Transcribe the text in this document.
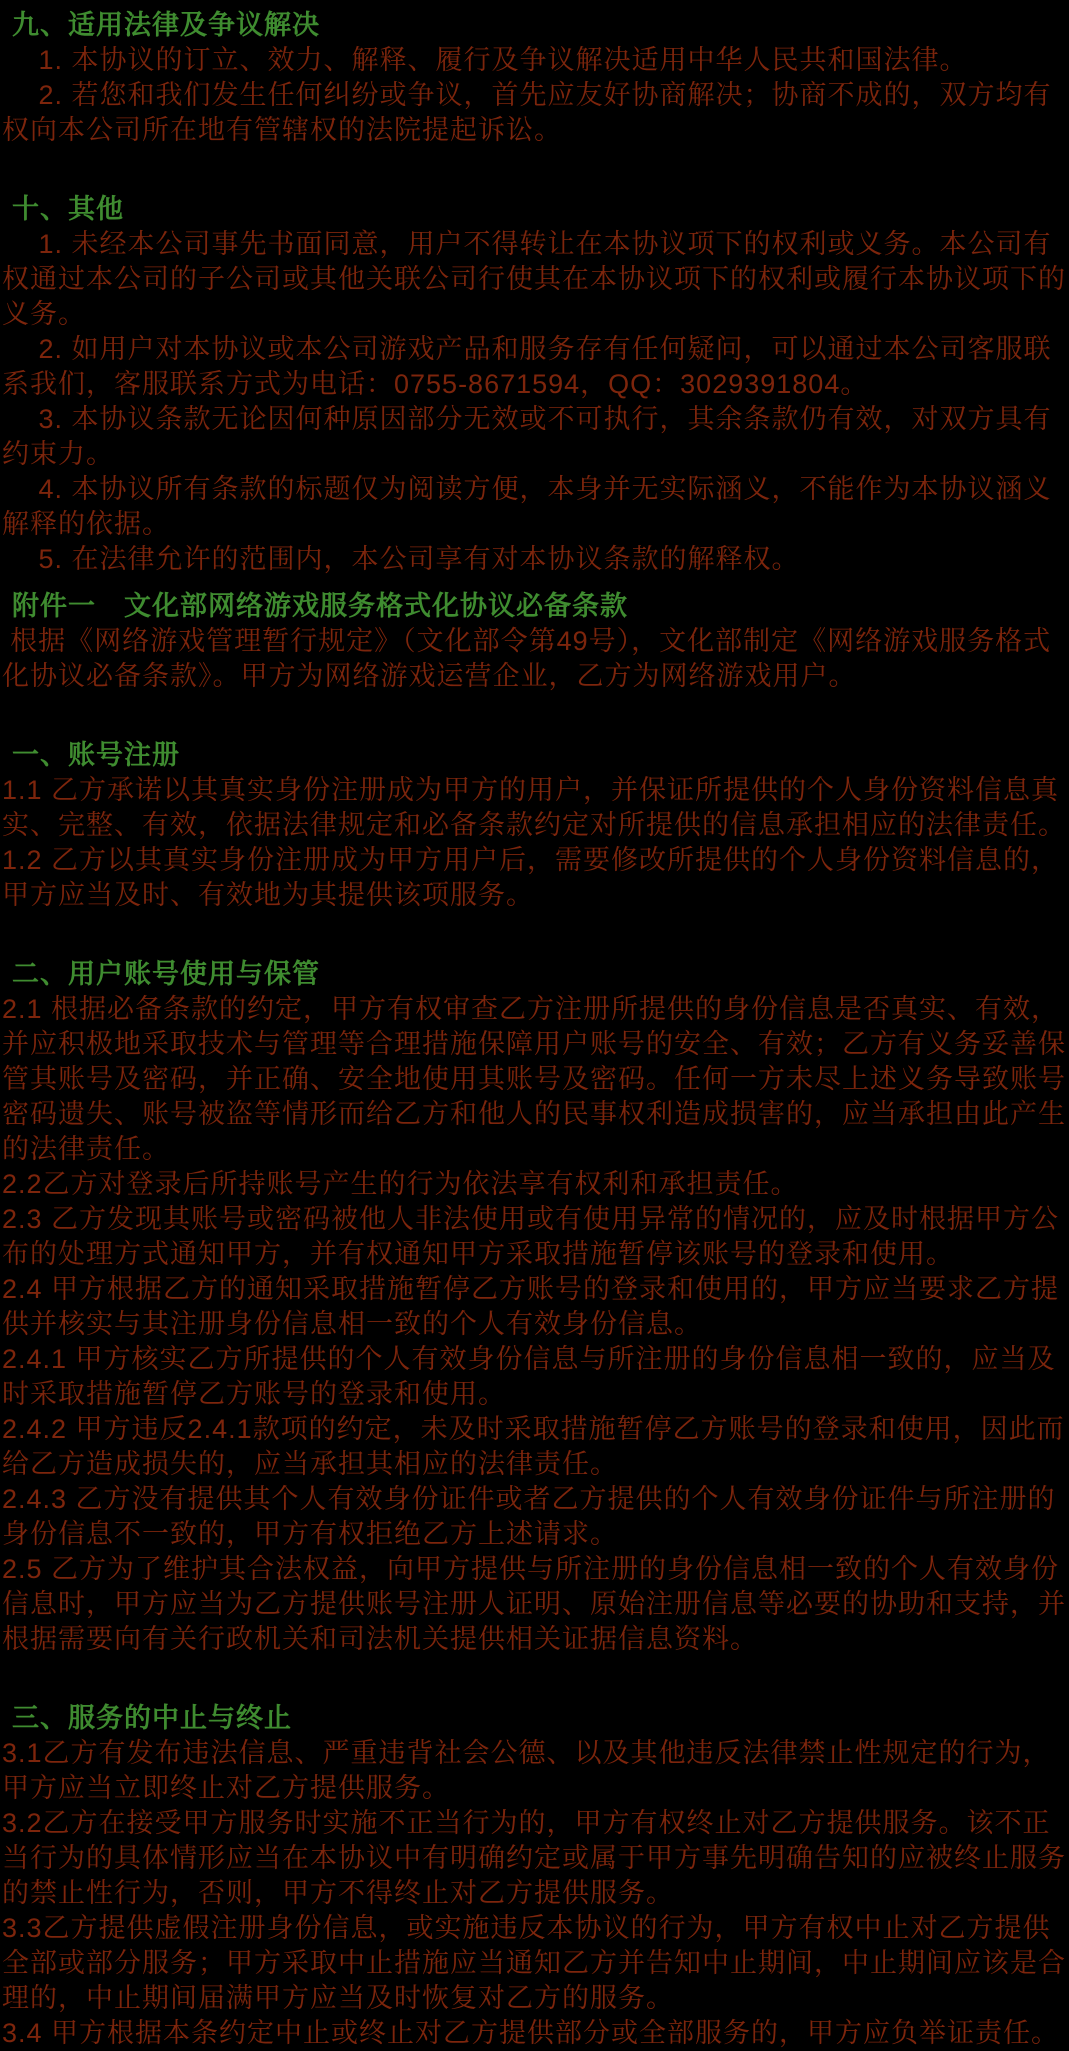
九、适用法律及争议解决

1. 本协议的订立、效力、解释、履行及争议解决适用中华人民共和国法律。

2. 若您和我们发生任何纠纷或争议，首先应友好协商解决；协商不成的，双方均有权向本公司所在地有管辖权的法院提起诉讼。

十、其他

1. 未经本公司事先书面同意，用户不得转让在本协议项下的权利或义务。本公司有权通过本公司的子公司或其他关联公司行使其在本协议项下的权利或履行本协议项下的义务。

2. 如用户对本协议或本公司游戏产品和服务存有任何疑问，可以通过本公司客服联系我们，客服联系方式为电话：0755-8671594，QQ：3029391804。

3. 本协议条款无论因何种原因部分无效或不可执行，其余条款仍有效，对双方具有约束力。

4. 本协议所有条款的标题仅为阅读方便，本身并无实际涵义，不能作为本协议涵义解释的依据。

5. 在法律允许的范围内，本公司享有对本协议条款的解释权。

附件一　文化部网络游戏服务格式化协议必备条款

根据《网络游戏管理暂行规定》（文化部令第49号），文化部制定《网络游戏服务格式化协议必备条款》。甲方为网络游戏运营企业，乙方为网络游戏用户。

一、账号注册

1.1 乙方承诺以其真实身份注册成为甲方的用户，并保证所提供的个人身份资料信息真实、完整、有效，依据法律规定和必备条款约定对所提供的信息承担相应的法律责任。

1.2 乙方以其真实身份注册成为甲方用户后，需要修改所提供的个人身份资料信息的，甲方应当及时、有效地为其提供该项服务。

二、用户账号使用与保管

2.1 根据必备条款的约定，甲方有权审查乙方注册所提供的身份信息是否真实、有效，并应积极地采取技术与管理等合理措施保障用户账号的安全、有效；乙方有义务妥善保管其账号及密码，并正确、安全地使用其账号及密码。任何一方未尽上述义务导致账号密码遗失、账号被盗等情形而给乙方和他人的民事权利造成损害的，应当承担由此产生的法律责任。

2.2乙方对登录后所持账号产生的行为依法享有权利和承担责任。

2.3 乙方发现其账号或密码被他人非法使用或有使用异常的情况的，应及时根据甲方公布的处理方式通知甲方，并有权通知甲方采取措施暂停该账号的登录和使用。

2.4 甲方根据乙方的通知采取措施暂停乙方账号的登录和使用的，甲方应当要求乙方提供并核实与其注册身份信息相一致的个人有效身份信息。

2.4.1 甲方核实乙方所提供的个人有效身份信息与所注册的身份信息相一致的，应当及时采取措施暂停乙方账号的登录和使用。

2.4.2 甲方违反2.4.1款项的约定，未及时采取措施暂停乙方账号的登录和使用，因此而给乙方造成损失的，应当承担其相应的法律责任。

2.4.3 乙方没有提供其个人有效身份证件或者乙方提供的个人有效身份证件与所注册的身份信息不一致的，甲方有权拒绝乙方上述请求。

2.5 乙方为了维护其合法权益，向甲方提供与所注册的身份信息相一致的个人有效身份信息时，甲方应当为乙方提供账号注册人证明、原始注册信息等必要的协助和支持，并根据需要向有关行政机关和司法机关提供相关证据信息资料。

三、服务的中止与终止

3.1乙方有发布违法信息、严重违背社会公德、以及其他违反法律禁止性规定的行为，甲方应当立即终止对乙方提供服务。

3.2乙方在接受甲方服务时实施不正当行为的，甲方有权终止对乙方提供服务。该不正当行为的具体情形应当在本协议中有明确约定或属于甲方事先明确告知的应被终止服务的禁止性行为，否则，甲方不得终止对乙方提供服务。

3.3乙方提供虚假注册身份信息，或实施违反本协议的行为，甲方有权中止对乙方提供全部或部分服务；甲方采取中止措施应当通知乙方并告知中止期间，中止期间应该是合理的，中止期间届满甲方应当及时恢复对乙方的服务。

3.4 甲方根据本条约定中止或终止对乙方提供部分或全部服务的，甲方应负举证责任。
